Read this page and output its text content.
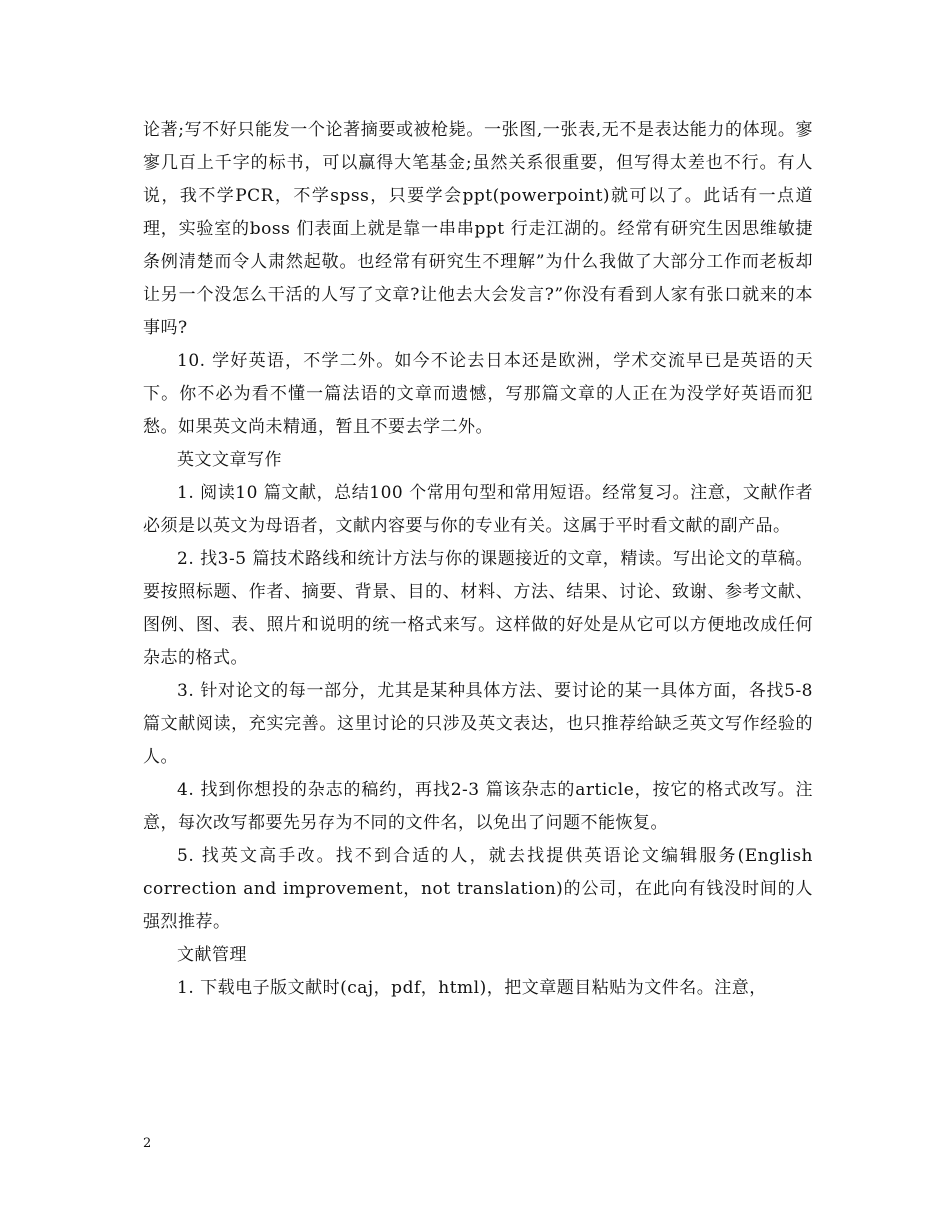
论著;写不好只能发一个论著摘要或被枪毙。一张图,一张表,无不是表达能力的体现。寥寥几百上千字的标书，可以赢得大笔基金;虽然关系很重要，但写得太差也不行。有人说，我不学PCR，不学spss，只要学会ppt(powerpoint)就可以了。此话有一点道理，实验室的boss 们表面上就是靠一串串ppt 行走江湖的。经常有研究生因思维敏捷条例清楚而令人肃然起敬。也经常有研究生不理解”为什么我做了大部分工作而老板却让另一个没怎么干活的人写了文章?让他去大会发言?”你没有看到人家有张口就来的本事吗?

10. 学好英语，不学二外。如今不论去日本还是欧洲，学术交流早已是英语的天下。你不必为看不懂一篇法语的文章而遗憾，写那篇文章的人正在为没学好英语而犯愁。如果英文尚未精通，暂且不要去学二外。

英文文章写作

1. 阅读10 篇文献，总结100 个常用句型和常用短语。经常复习。注意，文献作者必须是以英文为母语者，文献内容要与你的专业有关。这属于平时看文献的副产品。

2. 找3-5 篇技术路线和统计方法与你的课题接近的文章，精读。写出论文的草稿。要按照标题、作者、摘要、背景、目的、材料、方法、结果、讨论、致谢、参考文献、图例、图、表、照片和说明的统一格式来写。这样做的好处是从它可以方便地改成任何杂志的格式。

3. 针对论文的每一部分，尤其是某种具体方法、要讨论的某一具体方面，各找5-8 篇文献阅读，充实完善。这里讨论的只涉及英文表达，也只推荐给缺乏英文写作经验的人。

4. 找到你想投的杂志的稿约，再找2-3 篇该杂志的article，按它的格式改写。注意，每次改写都要先另存为不同的文件名，以免出了问题不能恢复。

5. 找英文高手改。找不到合适的人，就去找提供英语论文编辑服务(English correction and improvement，not translation)的公司，在此向有钱没时间的人强烈推荐。

文献管理

1. 下载电子版文献时(caj，pdf，html)，把文章题目粘贴为文件名。注意，

2
